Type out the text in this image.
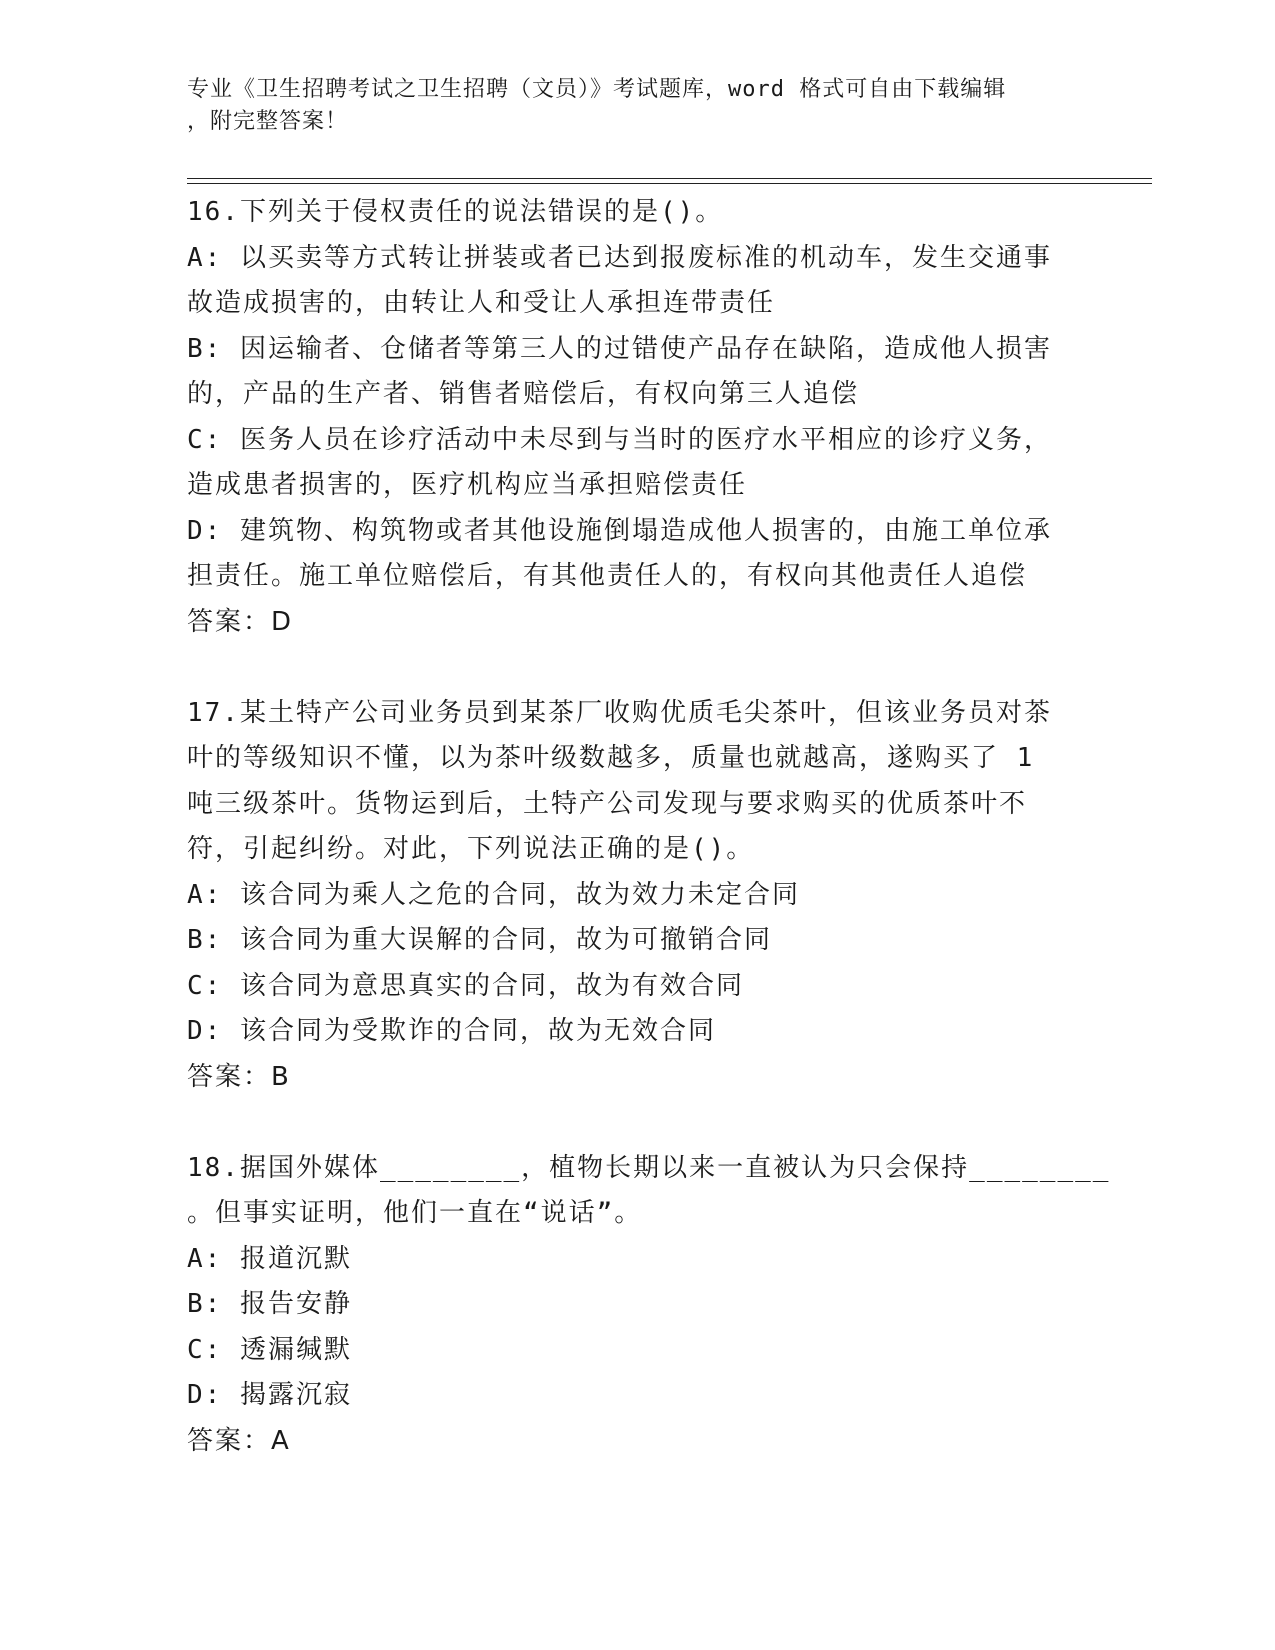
专业《卫生招聘考试之卫生招聘（文员）》考试题库，word 格式可自由下载编辑
，附完整答案！
16.下列关于侵权责任的说法错误的是()。
A: 以买卖等方式转让拼装或者已达到报废标准的机动车，发生交通事
故造成损害的，由转让人和受让人承担连带责任
B: 因运输者、仓储者等第三人的过错使产品存在缺陷，造成他人损害
的，产品的生产者、销售者赔偿后，有权向第三人追偿
C: 医务人员在诊疗活动中未尽到与当时的医疗水平相应的诊疗义务，
造成患者损害的，医疗机构应当承担赔偿责任
D: 建筑物、构筑物或者其他设施倒塌造成他人损害的，由施工单位承
担责任。施工单位赔偿后，有其他责任人的，有权向其他责任人追偿
答案：D
17.某土特产公司业务员到某茶厂收购优质毛尖茶叶，但该业务员对茶
叶的等级知识不懂，以为茶叶级数越多，质量也就越高，遂购买了 1
吨三级茶叶。货物运到后，土特产公司发现与要求购买的优质茶叶不
符，引起纠纷。对此，下列说法正确的是()。
A: 该合同为乘人之危的合同，故为效力未定合同
B: 该合同为重大误解的合同，故为可撤销合同
C: 该合同为意思真实的合同，故为有效合同
D: 该合同为受欺诈的合同，故为无效合同
答案：B
18.据国外媒体________，植物长期以来一直被认为只会保持________
。但事实证明，他们一直在“说话”。
A: 报道沉默
B: 报告安静
C: 透漏缄默
D: 揭露沉寂
答案：A
